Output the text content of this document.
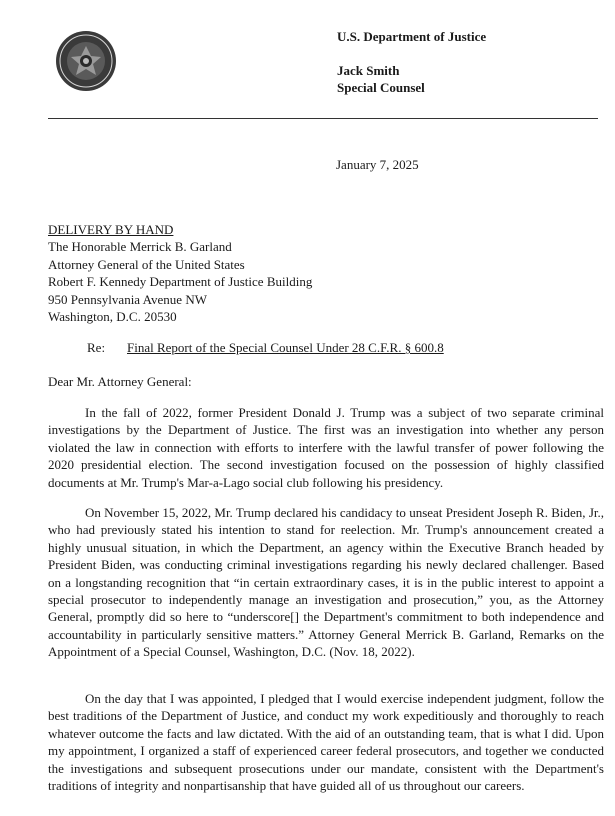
U.S. Department of Justice
Jack Smith
Special Counsel
January 7, 2025
DELIVERY BY HAND
The Honorable Merrick B. Garland
Attorney General of the United States
Robert F. Kennedy Department of Justice Building
950 Pennsylvania Avenue NW
Washington, D.C. 20530
Re: Final Report of the Special Counsel Under 28 C.F.R. § 600.8
Dear Mr. Attorney General:

In the fall of 2022, former President Donald J. Trump was a subject of two separate criminal investigations by the Department of Justice. The first was an investigation into whether any person violated the law in connection with efforts to interfere with the lawful transfer of power following the 2020 presidential election. The second investigation focused on the possession of highly classified documents at Mr. Trump's Mar-a-Lago social club following his presidency.

On November 15, 2022, Mr. Trump declared his candidacy to unseat President Joseph R. Biden, Jr., who had previously stated his intention to stand for reelection. Mr. Trump's announcement created a highly unusual situation, in which the Department, an agency within the Executive Branch headed by President Biden, was conducting criminal investigations regarding his newly declared challenger. Based on a longstanding recognition that “in certain extraordinary cases, it is in the public interest to appoint a special prosecutor to independently manage an investigation and prosecution,” you, as the Attorney General, promptly did so here to “underscore[] the Department's commitment to both independence and accountability in particularly sensitive matters.” Attorney General Merrick B. Garland, Remarks on the Appointment of a Special Counsel, Washington, D.C. (Nov. 18, 2022).

On the day that I was appointed, I pledged that I would exercise independent judgment, follow the best traditions of the Department of Justice, and conduct my work expeditiously and thoroughly to reach whatever outcome the facts and law dictated. With the aid of an outstanding team, that is what I did. Upon my appointment, I organized a staff of experienced career federal prosecutors, and together we conducted the investigations and subsequent prosecutions under our mandate, consistent with the Department's traditions of integrity and nonpartisanship that have guided all of us throughout our careers.
